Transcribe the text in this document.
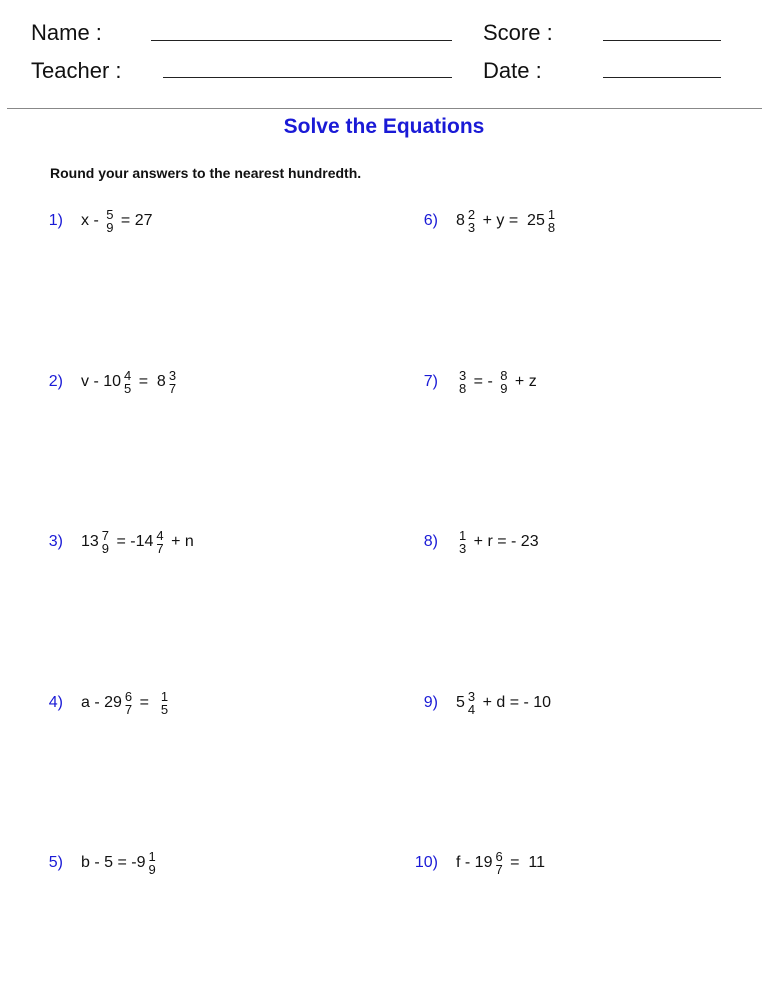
Name :	Score :
Teacher :	Date :
Solve the Equations
Round your answers to the nearest hundredth.
1) x - 5
9 = 27
2) v - 10 4
5 =  8 3
7
3) 13 7
9 = -14 4
7 + n
4) a - 29 6
7 = 1
5
5) b - 5 = -9 1
9
6) 8 2
3 + y =  25 1
8
7) 3
8 = - 8
9 + z
8) 1
3 + r = - 23
9) 5 3
4 + d = - 10
10) f - 19 6
7 =  11
